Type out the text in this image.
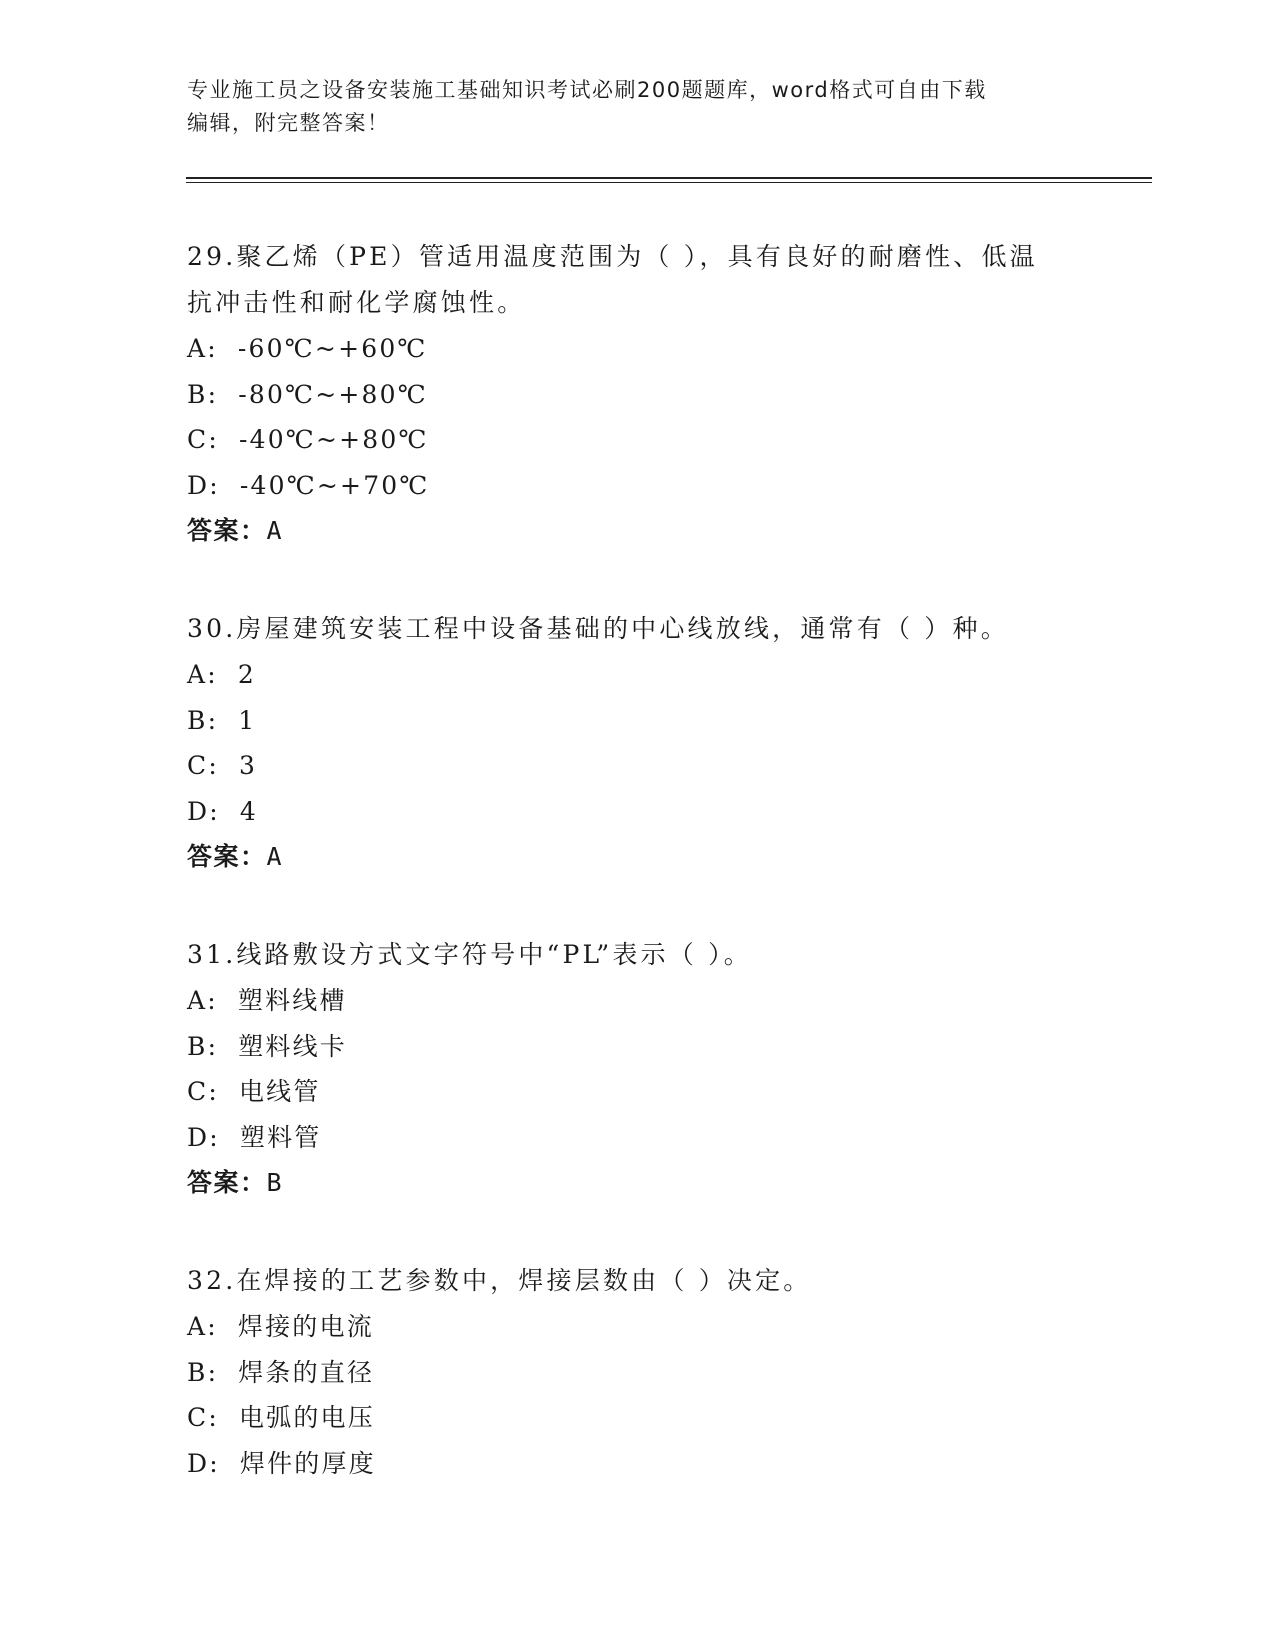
专业施工员之设备安装施工基础知识考试必刷200题题库，word格式可自由下载
编辑，附完整答案！

29.聚乙烯（PE）管适用温度范围为（ ），具有良好的耐磨性、低温

抗冲击性和耐化学腐蚀性。

A: -60℃~+60℃

B: -80℃~+80℃

C: -40℃~+80℃

D: -40℃~+70℃

答案：A

30.房屋建筑安装工程中设备基础的中心线放线，通常有（ ）种。

A: 2

B: 1

C: 3

D: 4

答案：A

31.线路敷设方式文字符号中“PL”表示（ ）。

A: 塑料线槽

B: 塑料线卡

C: 电线管

D: 塑料管

答案：B

32.在焊接的工艺参数中，焊接层数由（ ）决定。

A: 焊接的电流

B: 焊条的直径

C: 电弧的电压

D: 焊件的厚度
